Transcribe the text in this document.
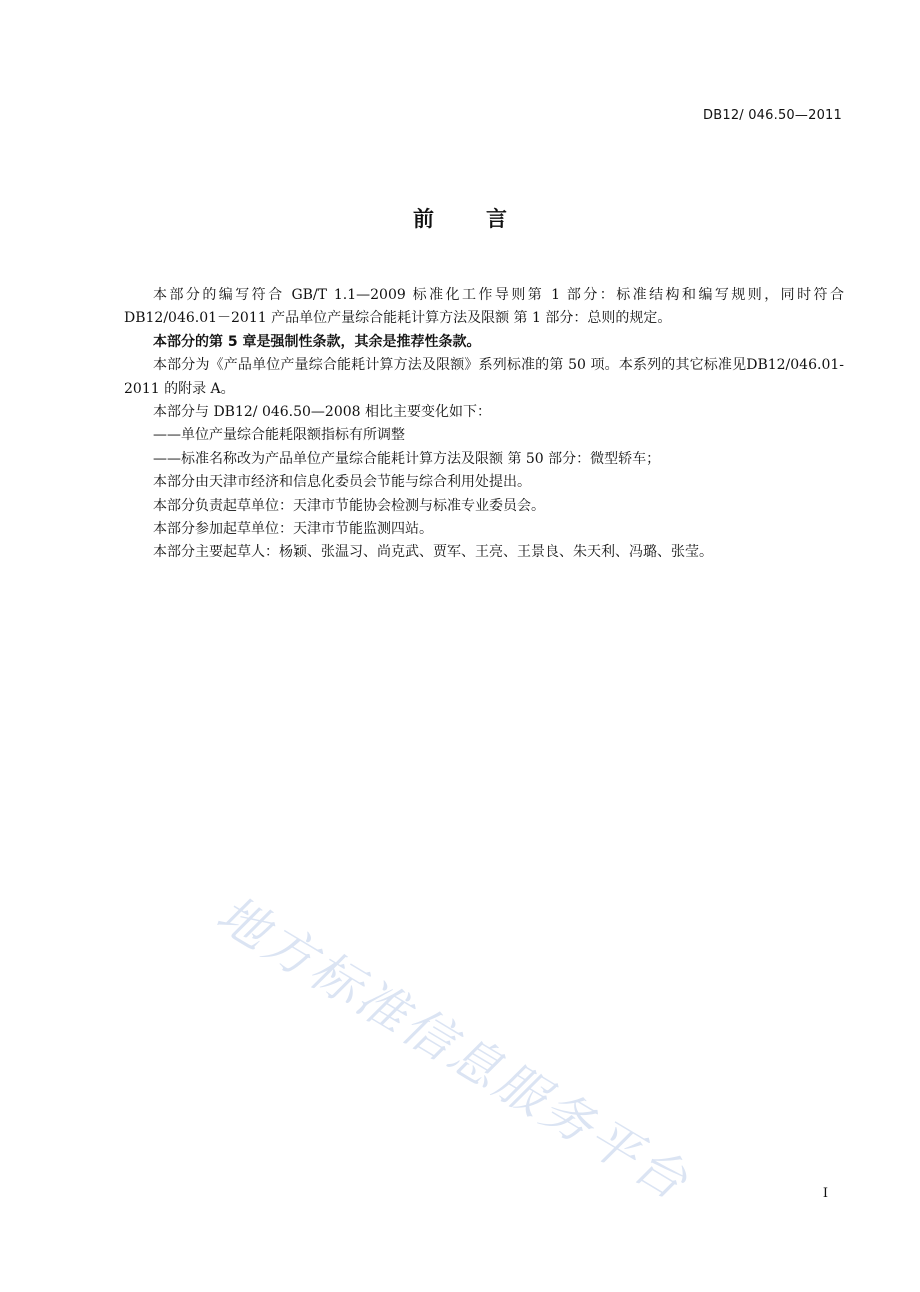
DB12/ 046.50—2011
前言

本部分的编写符合 GB/T 1.1—2009 标准化工作导则第 1 部分：标准结构和编写规则，同时符合DB12/046.01－2011 产品单位产量综合能耗计算方法及限额 第 1 部分：总则的规定。

本部分的第 5 章是强制性条款，其余是推荐性条款。

本部分为《产品单位产量综合能耗计算方法及限额》系列标准的第 50 项。本系列的其它标准见DB12/046.01-2011 的附录 A。

本部分与 DB12/ 046.50—2008 相比主要变化如下：

——单位产量综合能耗限额指标有所调整

——标准名称改为产品单位产量综合能耗计算方法及限额 第 50 部分：微型轿车；

本部分由天津市经济和信息化委员会节能与综合利用处提出。

本部分负责起草单位：天津市节能协会检测与标准专业委员会。

本部分参加起草单位：天津市节能监测四站。

本部分主要起草人：杨颖、张温习、尚克武、贾军、王亮、王景良、朱天利、冯璐、张莹。

地方标准信息服务平台	I
